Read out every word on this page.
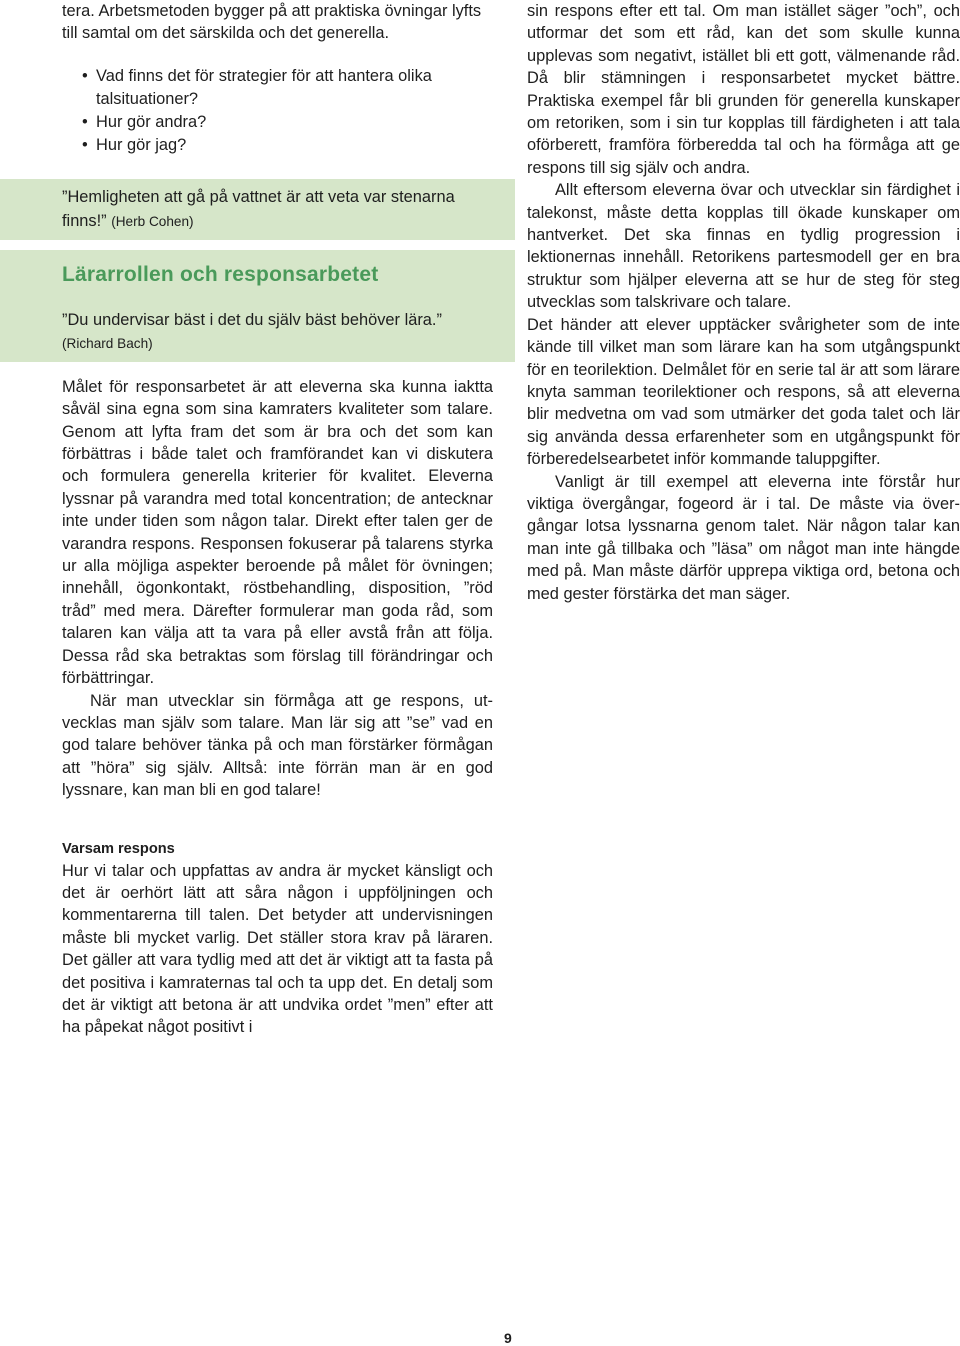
tera. Arbetsmetoden bygger på att praktiska övningar lyfts till samtal om det särskilda och det generella.

• Vad finns det för strategier för att hantera olika talsituationer?
• Hur gör andra?
• Hur gör jag?
”Hemligheten att gå på vattnet är att veta var stenarna finns!” (Herb Cohen)
Lärarrollen och responsarbetet
”Du undervisar bäst i det du själv bäst behöver lära.”
(Richard Bach)

Målet för responsarbetet är att eleverna ska kunna iaktta såväl sina egna som sina kamraters kvaliteter som talare. Genom att lyfta fram det som är bra och det som kan förbättras i både talet och framförandet kan vi diskutera och formulera generella kriterier för kvalitet. Eleverna lyssnar på varandra med total koncentration; de antecknar inte under tiden som någon talar. Direkt efter talen ger de varandra respons. Responsen fokuserar på talarens styrka ur alla möjliga aspekter beroende på målet för övningen; innehåll, ögonkontakt, röstbehandling, disposition, ”röd tråd” med mera. Därefter formulerar man goda råd, som talaren kan välja att ta vara på eller avstå från att följa. Dessa råd ska betraktas som förslag till förändringar och förbättringar.

När man utvecklar sin förmåga att ge respons, utvecklas man själv som talare. Man lär sig att ”se” vad en god talare behöver tänka på och man förstärker förmågan att ”höra” sig själv. Alltså: inte förrän man är en god lyssnare, kan man bli en god talare!

Varsam respons

Hur vi talar och uppfattas av andra är mycket känsligt och det är oerhört lätt att såra någon i uppföljningen och kommentarerna till talen. Det betyder att undervisningen måste bli mycket varlig. Det ställer stora krav på läraren. Det gäller att vara tydlig med att det är viktigt att ta fasta på det positiva i kamraternas tal och ta upp det. En detalj som det är viktigt att betona är att undvika ordet ”men” efter att ha påpekat något positivt i

sin respons efter ett tal. Om man istället säger ”och”, och utformar det som ett råd, kan det som skulle kunna upplevas som negativt, istället bli ett gott, välmenande råd. Då blir stämningen i responsarbetet mycket bättre. Praktiska exempel får bli grunden för generella kunskaper om retoriken, som i sin tur kopplas till färdigheten i att tala oförberett, framföra förberedda tal och ha förmåga att ge respons till sig själv och andra.

Allt eftersom eleverna övar och utvecklar sin färdighet i talekonst, måste detta kopplas till ökade kunskaper om hantverket. Det ska finnas en tydlig progression i lektionernas innehåll. Retorikens partesmodell ger en bra struktur som hjälper eleverna att se hur de steg för steg utvecklas som talskrivare och talare.

Det händer att elever upptäcker svårigheter som de inte kände till vilket man som lärare kan ha som utgångspunkt för en teorilektion. Delmålet för en serie tal är att som lärare knyta samman teorilektioner och respons, så att eleverna blir medvetna om vad som utmärker det goda talet och lär sig använda dessa erfarenheter som en utgångspunkt för förberedelsearbetet inför kommande taluppgifter.

Vanligt är till exempel att eleverna inte förstår hur viktiga övergångar, fogeord är i tal. De måste via övergångar lotsa lyssnarna genom talet. När någon talar kan man inte gå tillbaka och ”läsa” om något man inte hängde med på. Man måste därför upprepa viktiga ord, betona och med gester förstärka det man säger.

9
